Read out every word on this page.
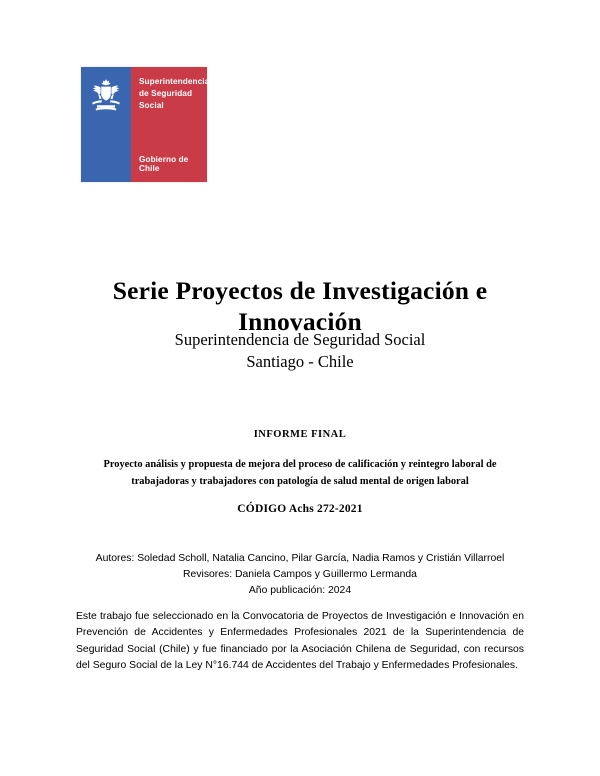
Superintendencia
de Seguridad
Social
Gobierno de Chile
Serie Proyectos de Investigación e Innovación
Superintendencia de Seguridad Social
Santiago - Chile
INFORME FINAL
Proyecto análisis y propuesta de mejora del proceso de calificación y reintegro laboral de trabajadoras y trabajadores con patología de salud mental de origen laboral
CÓDIGO Achs 272-2021
Autores: Soledad Scholl, Natalia Cancino, Pilar García, Nadia Ramos y Cristián Villarroel
Revisores: Daniela Campos y Guillermo Lermanda
Año publicación: 2024
Este trabajo fue seleccionado en la Convocatoria de Proyectos de Investigación e Innovación en Prevención de Accidentes y Enfermedades Profesionales 2021 de la Superintendencia de Seguridad Social (Chile) y fue financiado por la Asociación Chilena de Seguridad, con recursos del Seguro Social de la Ley N°16.744 de Accidentes del Trabajo y Enfermedades Profesionales.
